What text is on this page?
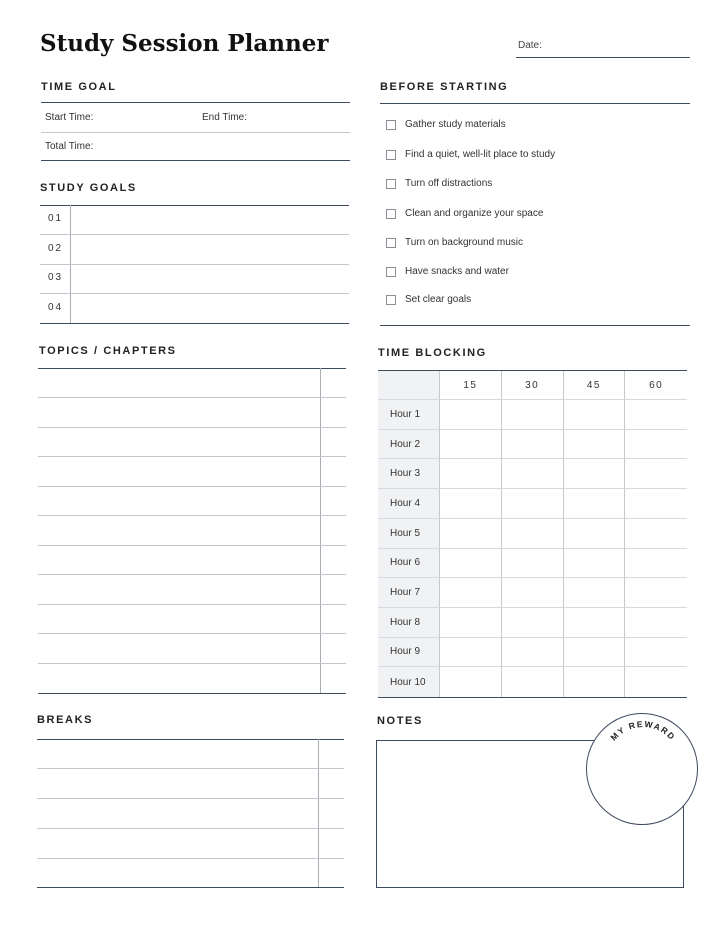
Study Session Planner	Date:
TIME GOAL
Start Time:	End Time:
Total Time:
STUDY GOALS
01
02
03
04
BEFORE STARTING
Gather study materials
Find a quiet, well-lit place to study
Turn off distractions
Clean and organize your space
Turn on background music
Have snacks and water
Set clear goals
TOPICS / CHAPTERS	TIME BLOCKING
15	30	45	60
Hour 1
Hour 2
Hour 3
Hour 4
Hour 5
Hour 6
Hour 7
Hour 8
Hour 9
Hour 10
BREAKS	NOTES
MY REWARD
